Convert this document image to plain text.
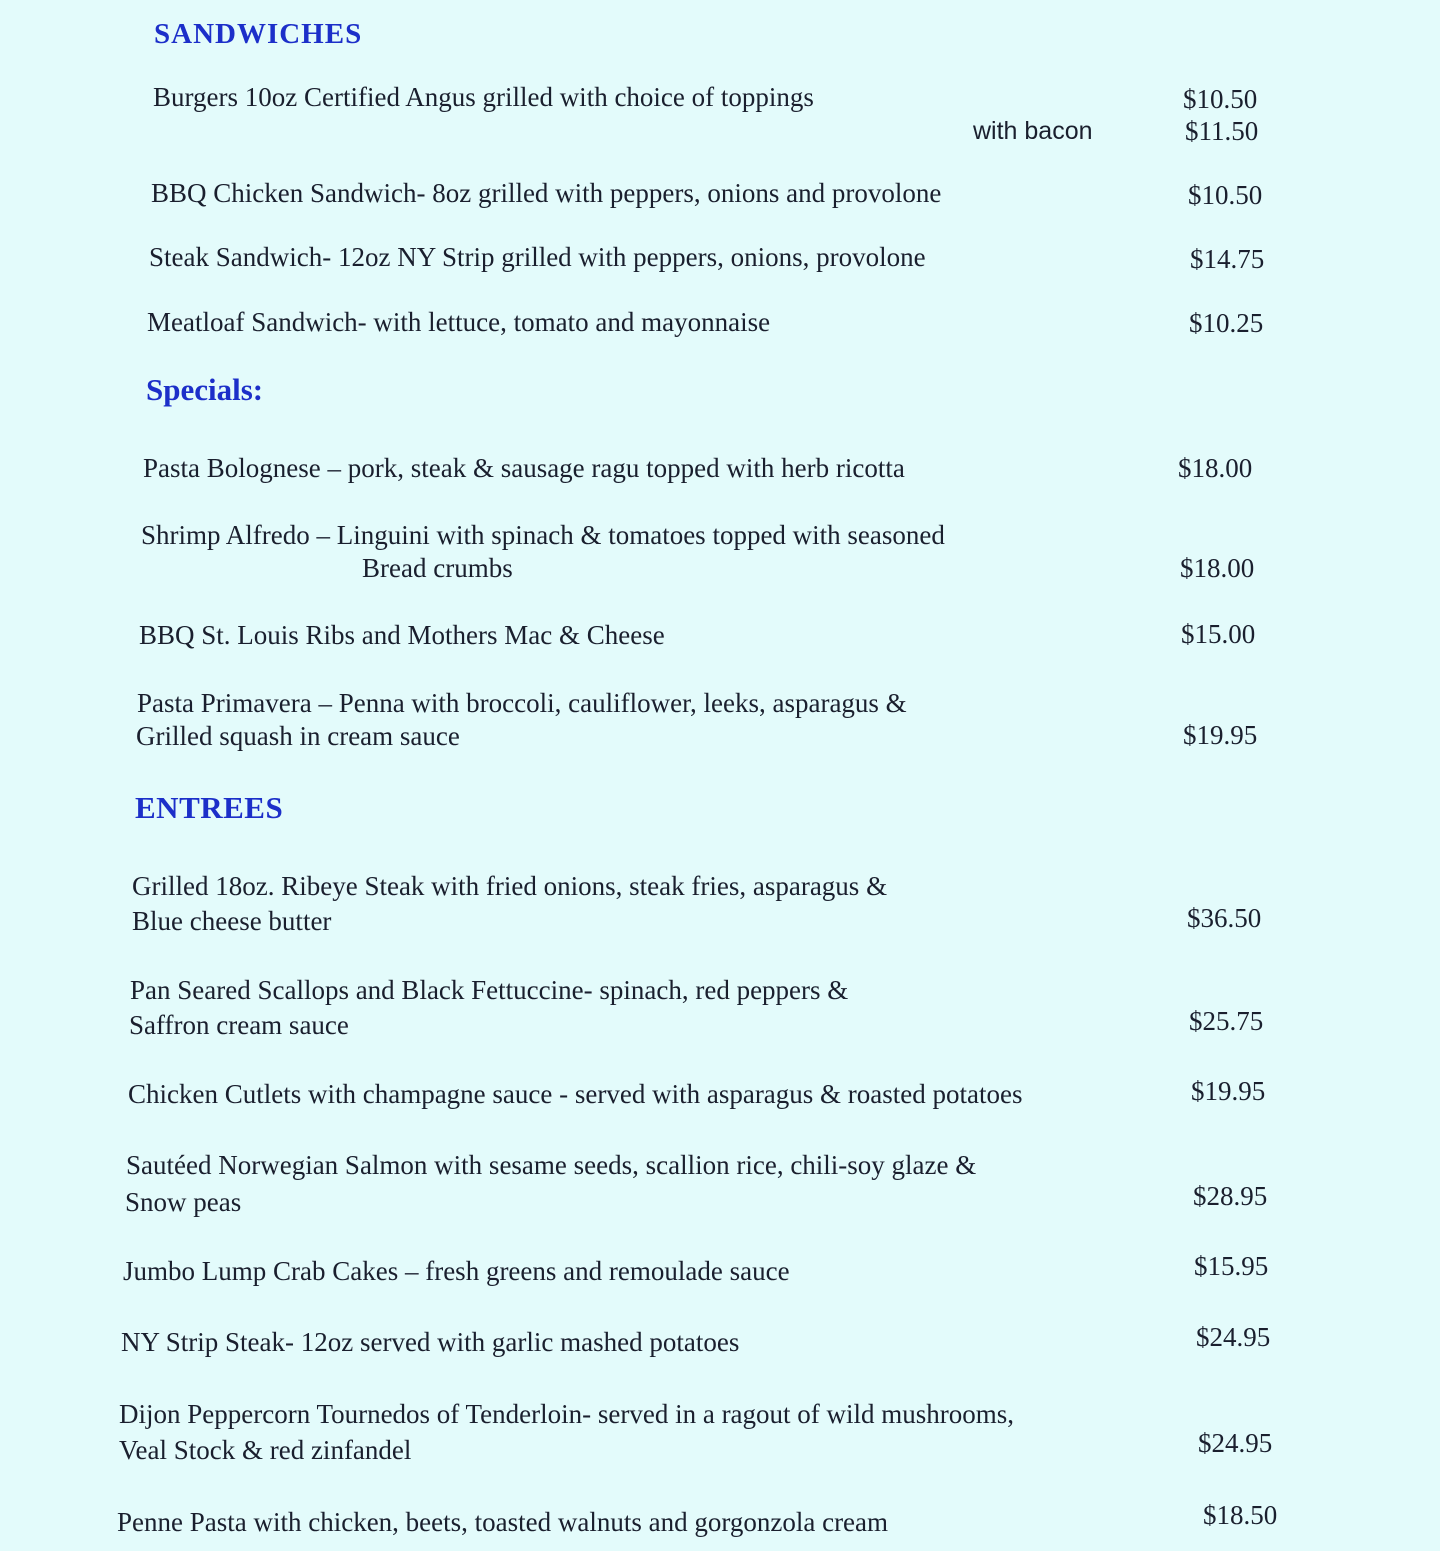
SANDWICHES
Burgers 10oz Certified Angus grilled with choice of toppings	$10.50
with bacon	$11.50
BBQ Chicken Sandwich- 8oz grilled with peppers, onions and provolone	$10.50
Steak Sandwich- 12oz NY Strip grilled with peppers, onions, provolone	$14.75
Meatloaf Sandwich- with lettuce, tomato and mayonnaise	$10.25
Specials:
Pasta Bolognese – pork, steak & sausage ragu topped with herb ricotta	$18.00
Shrimp Alfredo – Linguini with spinach & tomatoes topped with seasoned
Bread crumbs	$18.00
BBQ St. Louis Ribs and Mothers Mac & Cheese	$15.00
Pasta Primavera – Penna with broccoli, cauliflower, leeks, asparagus &
Grilled squash in cream sauce	$19.95
ENTREES
Grilled 18oz. Ribeye Steak with fried onions, steak fries, asparagus &
Blue cheese butter	$36.50
Pan Seared Scallops and Black Fettuccine- spinach, red peppers &
Saffron cream sauce	$25.75
Chicken Cutlets with champagne sauce - served with asparagus & roasted potatoes	$19.95
Sautéed Norwegian Salmon with sesame seeds, scallion rice, chili-soy glaze &
Snow peas	$28.95
Jumbo Lump Crab Cakes – fresh greens and remoulade sauce	$15.95
NY Strip Steak- 12oz served with garlic mashed potatoes	$24.95
Dijon Peppercorn Tournedos of Tenderloin- served in a ragout of wild mushrooms,
Veal Stock & red zinfandel	$24.95
Penne Pasta with chicken, beets, toasted walnuts and gorgonzola cream	$18.50
